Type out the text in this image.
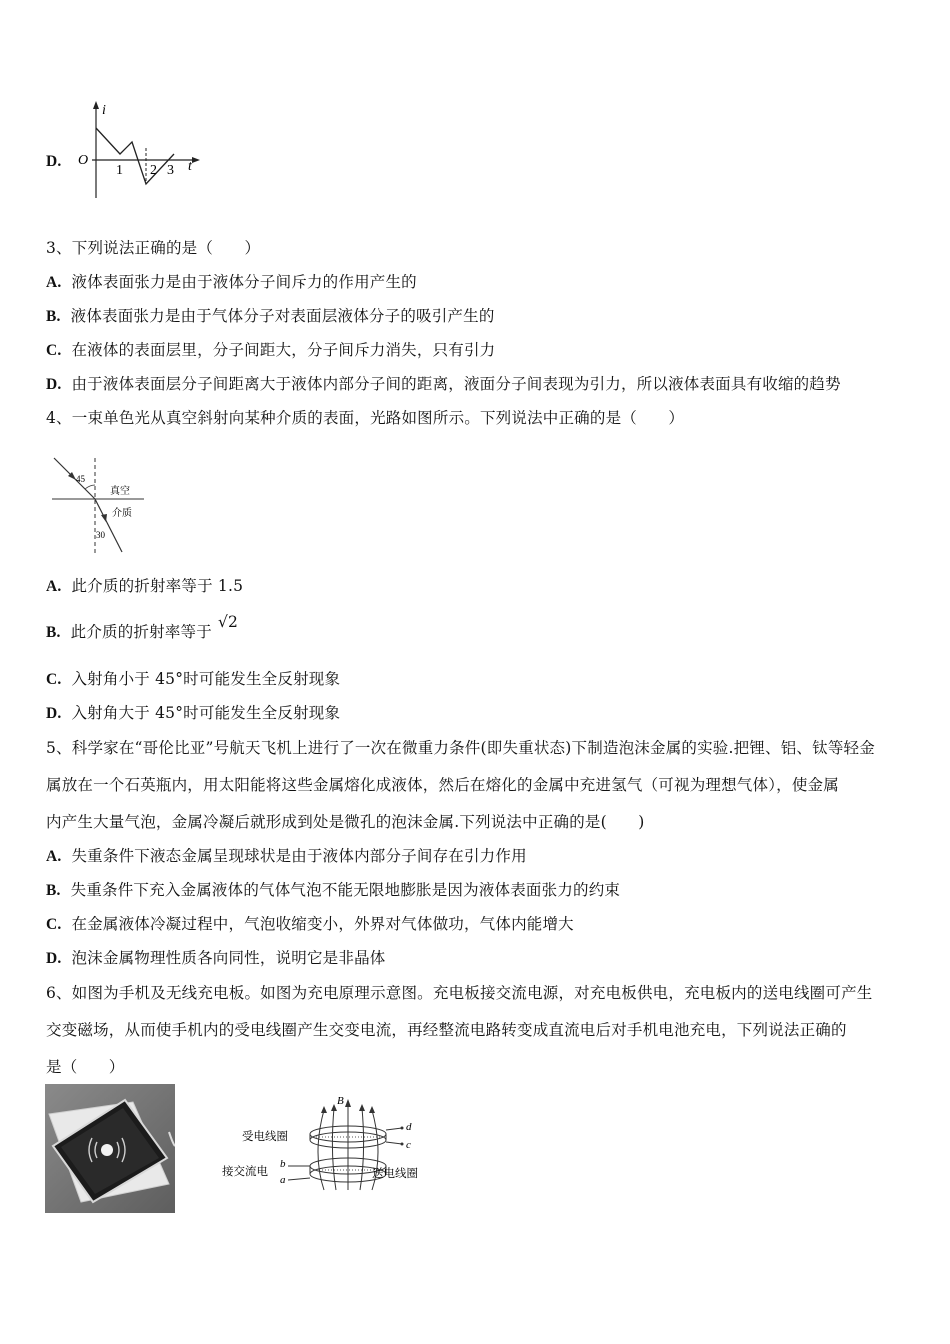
D.
i
t
O
1 2 3
3、下列说法正确的是（　　）
A. 液体表面张力是由于液体分子间斥力的作用产生的
B. 液体表面张力是由于气体分子对表面层液体分子的吸引产生的
C. 在液体的表面层里，分子间距大，分子间斥力消失，只有引力
D. 由于液体表面层分子间距离大于液体内部分子间的距离，液面分子间表现为引力，所以液体表面具有收缩的趋势
4、一束单色光从真空斜射向某种介质的表面，光路如图所示。下列说法中正确的是（　　）
45
30
真空
介质
A. 此介质的折射率等于 1.5
B. 此介质的折射率等于√2
C. 入射角小于 45°时可能发生全反射现象
D. 入射角大于 45°时可能发生全反射现象
5、科学家在“哥伦比亚”号航天飞机上进行了一次在微重力条件(即失重状态)下制造泡沫金属的实验.把锂、铝、钛等轻金
属放在一个石英瓶内，用太阳能将这些金属熔化成液体，然后在熔化的金属中充进氢气（可视为理想气体），使金属
内产生大量气泡，金属冷凝后就形成到处是微孔的泡沫金属.下列说法中正确的是(　　)
A. 失重条件下液态金属呈现球状是由于液体内部分子间存在引力作用
B. 失重条件下充入金属液体的气体气泡不能无限地膨胀是因为液体表面张力的约束
C. 在金属液体冷凝过程中，气泡收缩变小，外界对气体做功，气体内能增大
D. 泡沫金属物理性质各向同性，说明它是非晶体
6、如图为手机及无线充电板。如图为充电原理示意图。充电板接交流电源，对充电板供电，充电板内的送电线圈可产生
交变磁场，从而使手机内的受电线圈产生交变电流，再经整流电路转变成直流电后对手机电池充电，下列说法正确的
是（　　）
B
d
c
b
a
受电线圈
接交流电	送电线圈
